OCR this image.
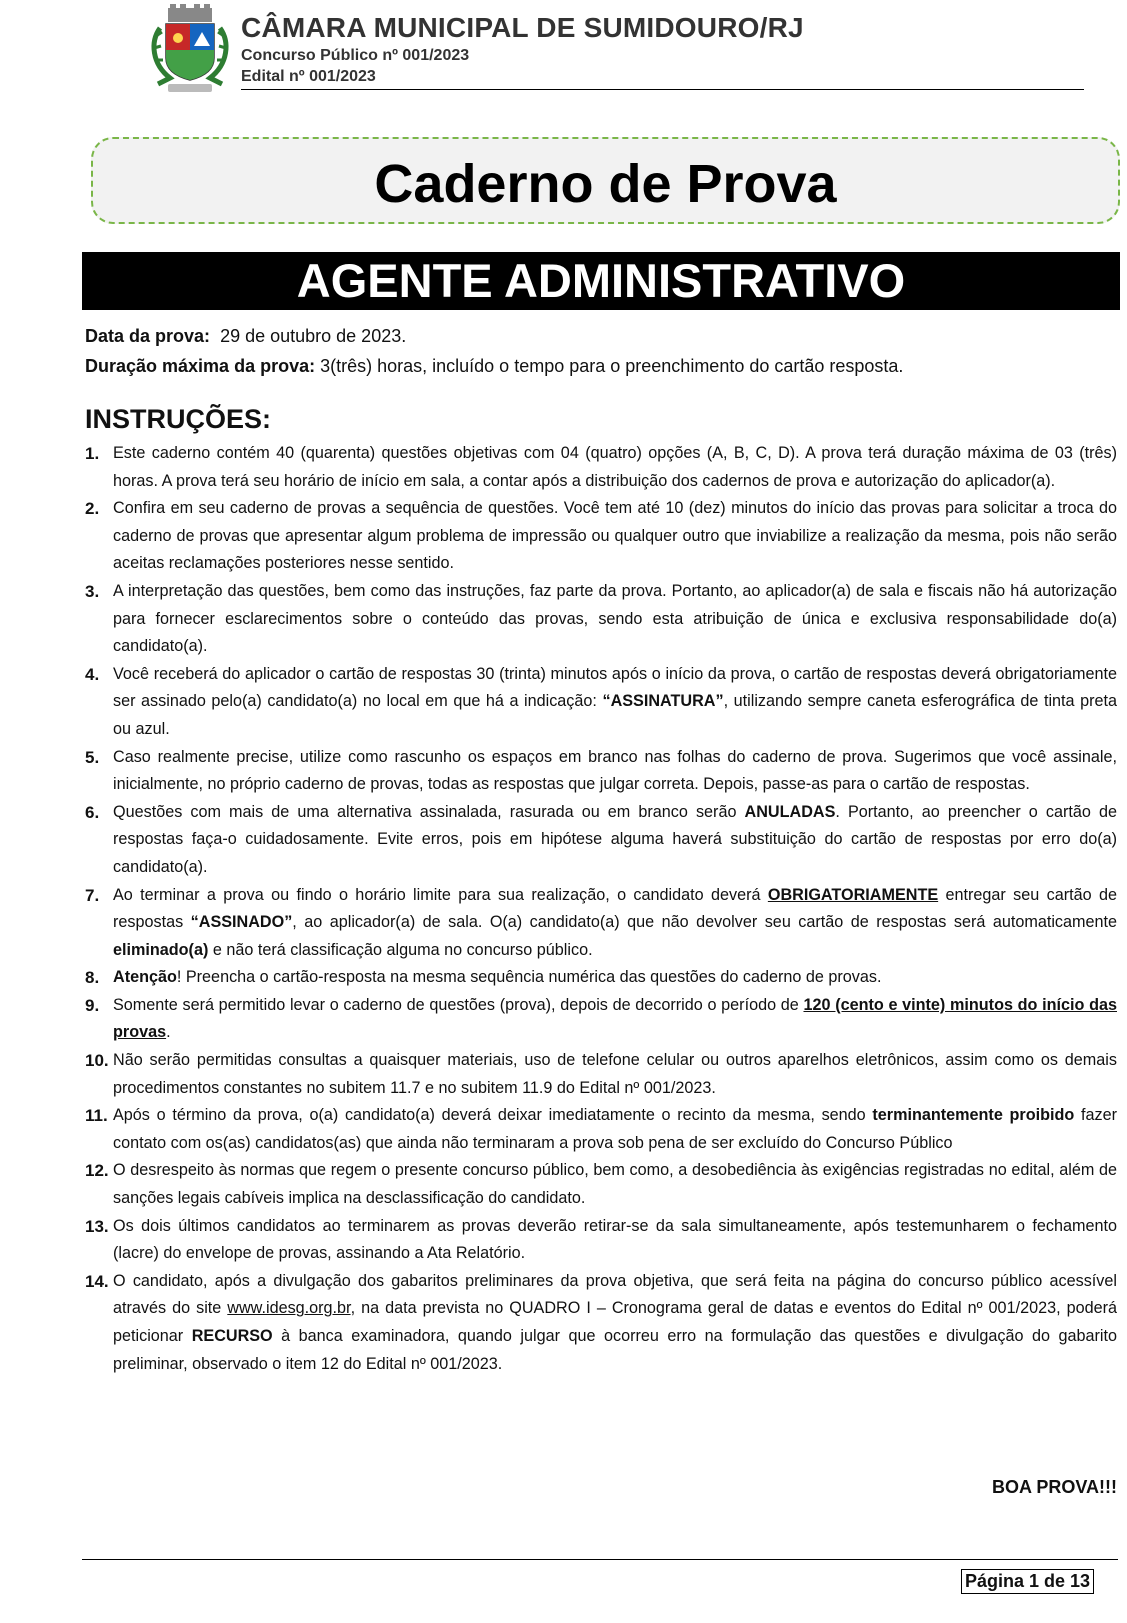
CÂMARA MUNICIPAL DE SUMIDOURO/RJ
Concurso Público nº 001/2023
Edital nº 001/2023
Caderno de Prova
AGENTE ADMINISTRATIVO
Data da prova: 29 de outubro de 2023.
Duração máxima da prova: 3(três) horas, incluído o tempo para o preenchimento do cartão resposta.
INSTRUÇÕES:
1. Este caderno contém 40 (quarenta) questões objetivas com 04 (quatro) opções (A, B, C, D). A prova terá duração máxima de 03 (três) horas. A prova terá seu horário de início em sala, a contar após a distribuição dos cadernos de prova e autorização do aplicador(a).
2. Confira em seu caderno de provas a sequência de questões. Você tem até 10 (dez) minutos do início das provas para solicitar a troca do caderno de provas que apresentar algum problema de impressão ou qualquer outro que inviabilize a realização da mesma, pois não serão aceitas reclamações posteriores nesse sentido.
3. A interpretação das questões, bem como das instruções, faz parte da prova. Portanto, ao aplicador(a) de sala e fiscais não há autorização para fornecer esclarecimentos sobre o conteúdo das provas, sendo esta atribuição de única e exclusiva responsabilidade do(a) candidato(a).
4. Você receberá do aplicador o cartão de respostas 30 (trinta) minutos após o início da prova, o cartão de respostas deverá obrigatoriamente ser assinado pelo(a) candidato(a) no local em que há a indicação: “ASSINATURA”, utilizando sempre caneta esferográfica de tinta preta ou azul.
5. Caso realmente precise, utilize como rascunho os espaços em branco nas folhas do caderno de prova. Sugerimos que você assinale, inicialmente, no próprio caderno de provas, todas as respostas que julgar correta. Depois, passe-as para o cartão de respostas.
6. Questões com mais de uma alternativa assinalada, rasurada ou em branco serão ANULADAS. Portanto, ao preencher o cartão de respostas faça-o cuidadosamente. Evite erros, pois em hipótese alguma haverá substituição do cartão de respostas por erro do(a) candidato(a).
7. Ao terminar a prova ou findo o horário limite para sua realização, o candidato deverá OBRIGATORIAMENTE entregar seu cartão de respostas “ASSINADO”, ao aplicador(a) de sala. O(a) candidato(a) que não devolver seu cartão de respostas será automaticamente eliminado(a) e não terá classificação alguma no concurso público.
8. Atenção! Preencha o cartão-resposta na mesma sequência numérica das questões do caderno de provas.
9. Somente será permitido levar o caderno de questões (prova), depois de decorrido o período de 120 (cento e vinte) minutos do início das provas.
10. Não serão permitidas consultas a quaisquer materiais, uso de telefone celular ou outros aparelhos eletrônicos, assim como os demais procedimentos constantes no subitem 11.7 e no subitem 11.9 do Edital nº 001/2023.
11. Após o término da prova, o(a) candidato(a) deverá deixar imediatamente o recinto da mesma, sendo terminantemente proibido fazer contato com os(as) candidatos(as) que ainda não terminaram a prova sob pena de ser excluído do Concurso Público
12. O desrespeito às normas que regem o presente concurso público, bem como, a desobediência às exigências registradas no edital, além de sanções legais cabíveis implica na desclassificação do candidato.
13. Os dois últimos candidatos ao terminarem as provas deverão retirar-se da sala simultaneamente, após testemunharem o fechamento (lacre) do envelope de provas, assinando a Ata Relatório.
14. O candidato, após a divulgação dos gabaritos preliminares da prova objetiva, que será feita na página do concurso público acessível através do site www.idesg.org.br, na data prevista no QUADRO I – Cronograma geral de datas e eventos do Edital nº 001/2023, poderá peticionar RECURSO à banca examinadora, quando julgar que ocorreu erro na formulação das questões e divulgação do gabarito preliminar, observado o item 12 do Edital nº 001/2023.
BOA PROVA!!!
Página 1 de 13
